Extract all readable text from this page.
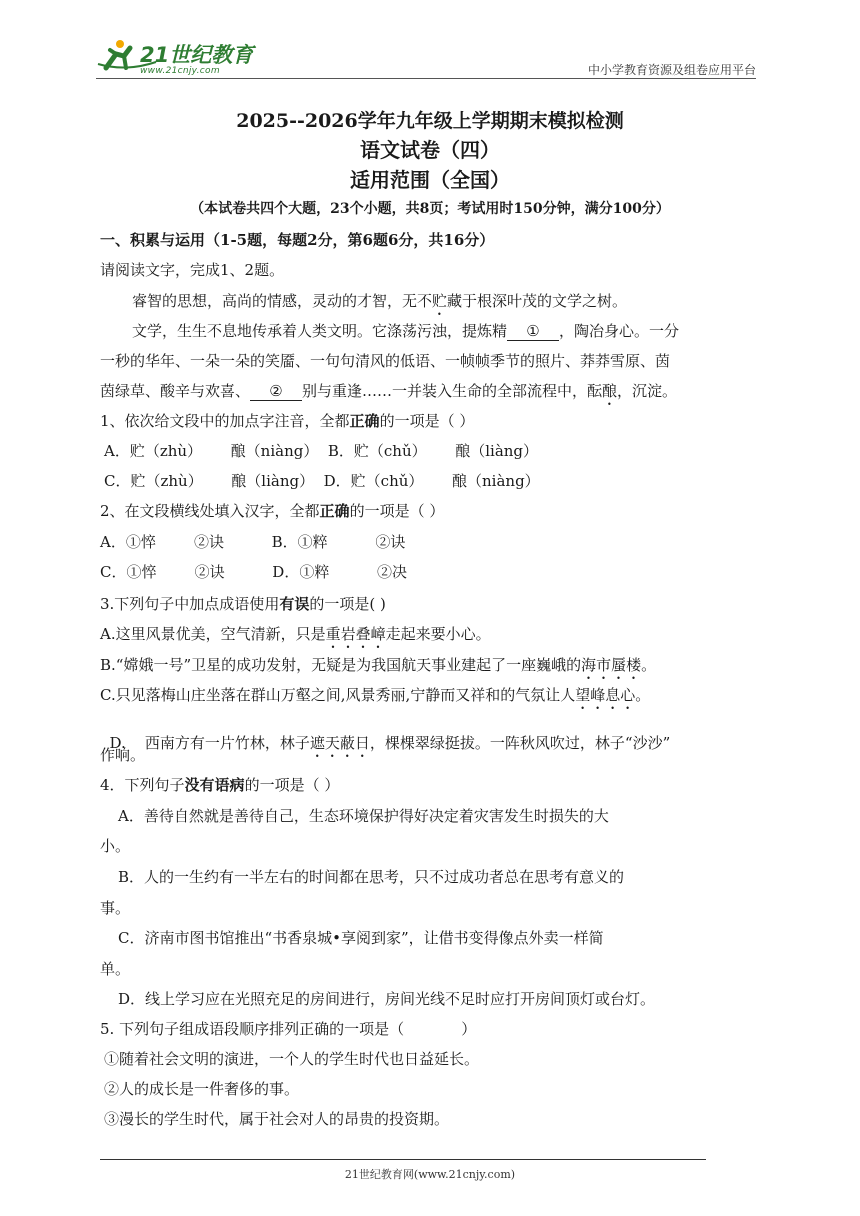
21世纪教育
www.21cnjy.com	中小学教育资源及组卷应用平台
2025--2026学年九年级上学期期末模拟检测
语文试卷（四）
适用范围（全国）
（本试卷共四个大题，23个小题，共8页；考试用时150分钟，满分100分）
一、积累与运用（1-5题，每题2分，第6题6分，共16分）
请阅读文字，完成1、2题。
睿智的思想，高尚的情感，灵动的才智，无不贮藏于根深叶茂的文学之树。
文学，生生不息地传承着人类文明。它涤荡污浊，提炼精 ① ，陶冶身心。一分
一秒的华年、一朵一朵的笑靥、一句句清风的低语、一帧帧季节的照片、莽莽雪原、茵
茵绿草、酸辛与欢喜、 ② 别与重逢……一并装入生命的全部流程中，酝酿，沉淀。
1、依次给文段中的加点字注音，全都正确的一项是（ ）
A．贮（zhù）      酿（niàng）  B．贮（chǔ）      酿（liàng）
C．贮（zhù）      酿（liàng）  D．贮（chǔ）      酿（niàng）
2、在文段横线处填入汉字，全都正确的一项是（ ）
A．①悴        ②诀          B．①粹          ②诀
C．①悴        ②诀          D．①粹          ②决
3.下列句子中加点成语使用有误的一项是( )
A.这里风景优美，空气清新，只是重岩叠嶂走起来要小心。
B.“嫦娥一号”卫星的成功发射，无疑是为我国航天事业建起了一座巍峨的海市蜃楼。
C.只见落梅山庄坐落在群山万壑之间,风景秀丽,宁静而又祥和的气氛让人望峰息心。

D.    西南方有一片竹林，林子遮天蔽日，棵棵翠绿挺拔。一阵秋风吹过，林子“沙沙”

作响。
4．下列句子没有语病的一项是（ ）
A．善待自然就是善待自己，生态环境保护得好决定着灾害发生时损失的大
小。
B．人的一生约有一半左右的时间都在思考，只不过成功者总在思考有意义的
事。
C．济南市图书馆推出“书香泉城•享阅到家”，让借书变得像点外卖一样简
单。
D．线上学习应在光照充足的房间进行，房间光线不足时应打开房间顶灯或台灯。
5. 下列句子组成语段顺序排列正确的一项是（            ）
①随着社会文明的演进，一个人的学生时代也日益延长。
②人的成长是一件奢侈的事。
③漫长的学生时代，属于社会对人的昂贵的投资期。
21世纪教育网(www.21cnjy.com)
